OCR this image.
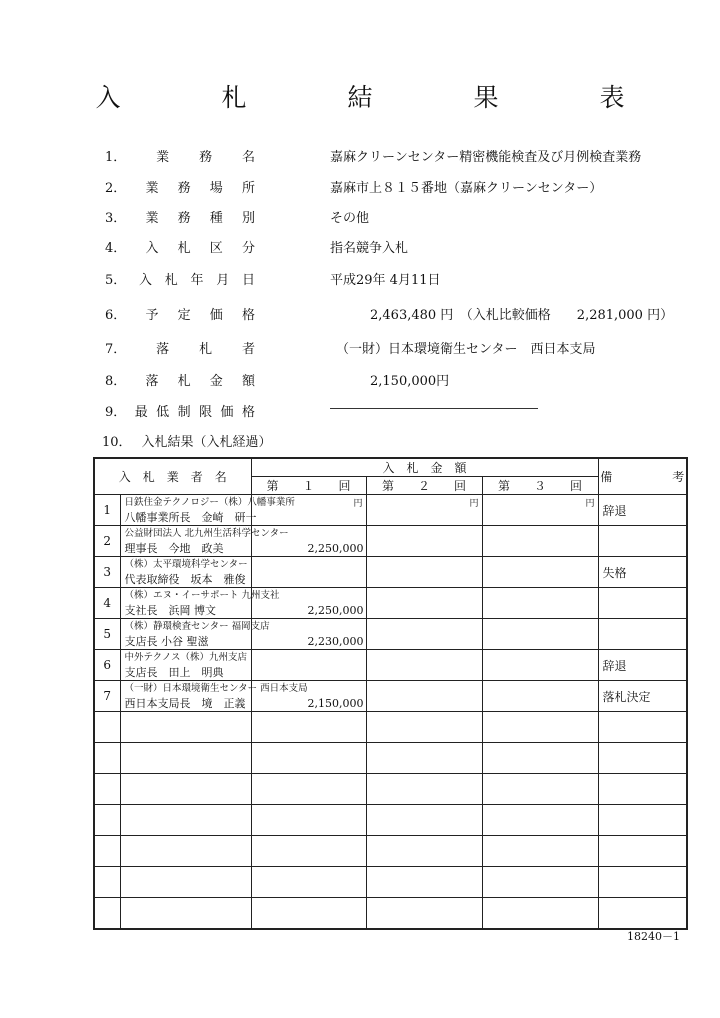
入　札　結　果　表
1． 業 務 名	嘉麻クリーンセンター精密機能検査及び月例検査業務
2． 業 務 場 所	嘉麻市上８１５番地（嘉麻クリーンセンター）
3． 業 務 種 別	その他
4． 入 札 区 分	指名競争入札
5． 入 札 年 月 日	平成29年 4月11日
6． 予 定 価 格	2,463,480 円　（入札比較価格　　2,281,000 円）
7． 落 札 者	（一財）日本環境衛生センター　西日本支局
8． 落 札 金 額	2,150,000円
9． 最 低 制 限 価 格	――――――――――――――――
10． 入札結果（入札経過）
入　札　業　者　名		入　札　金　額			備　　　　　考
		第　　１　　回	第　　２　　回	第　　３　　回	
1	日鉄住金テクノロジー（株）八幡事業所
八幡事業所長　金崎　研一	円	円	円	辞退
2	公益財団法人 北九州生活科学センター
理事長　今地　政美	2,250,000			

3	（株）太平環境科学センター
代表取締役　坂本　雅俊				失格
4	（株）エヌ・イーサポート 九州支社
支社長　浜岡 博文	2,250,000			

5	（株）静環検査センター 福岡支店
支店長 小谷 聖滋	2,230,000			

6	中外テクノス（株）九州支店
支店長　田上　明典				辞退
7	（一財）日本環境衛生センター 西日本支局
西日本支局長　境　正義	2,150,000			落札決定

18240－1
